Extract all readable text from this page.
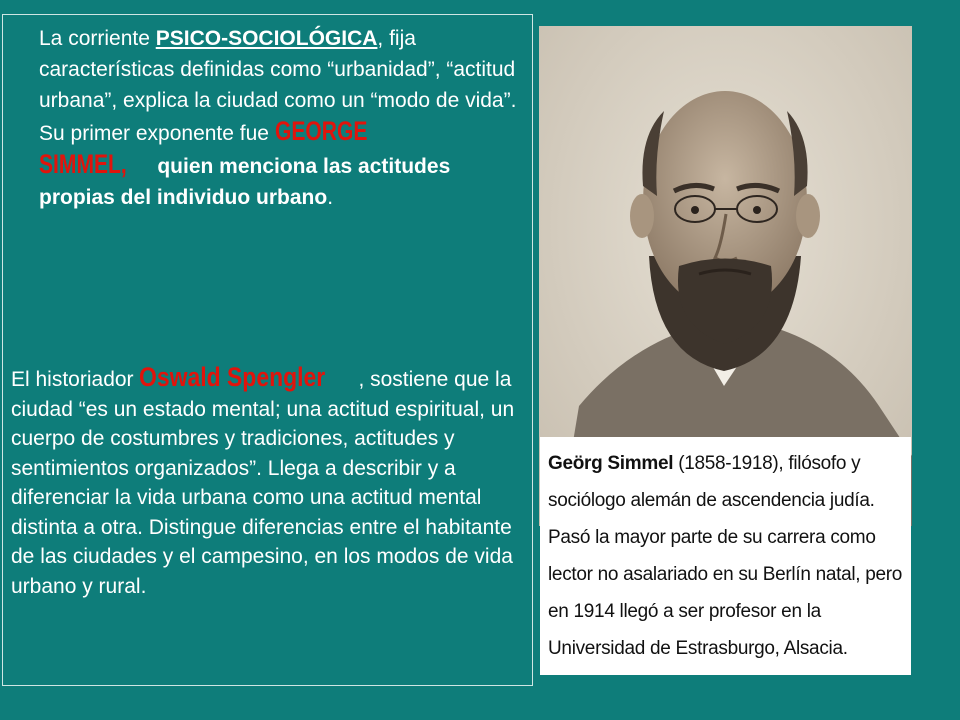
La corriente PSICO-SOCIOLÓGICA, fija características definidas como “urbanidad”, “actitud urbana”, explica la ciudad como un “modo de vida”. Su primer exponente fue GEORGE
SIMMEL, quien menciona las actitudes propias del individuo urbano.
El historiador Oswald Spengler , sostiene que la ciudad “es un estado mental; una actitud espiritual, un cuerpo de costumbres y tradiciones, actitudes y sentimientos organizados”. Llega a describir y a diferenciar la vida urbana como una actitud mental distinta a otra. Distingue diferencias entre el habitante de las ciudades y el campesino, en los modos de vida urbano y rural.
Geörg Simmel (1858-1918), filósofo y sociólogo alemán de ascendencia judía. Pasó la mayor parte de su carrera como lector no asalariado en su Berlín natal, pero en 1914 llegó a ser profesor en la Universidad de Estrasburgo, Alsacia.
